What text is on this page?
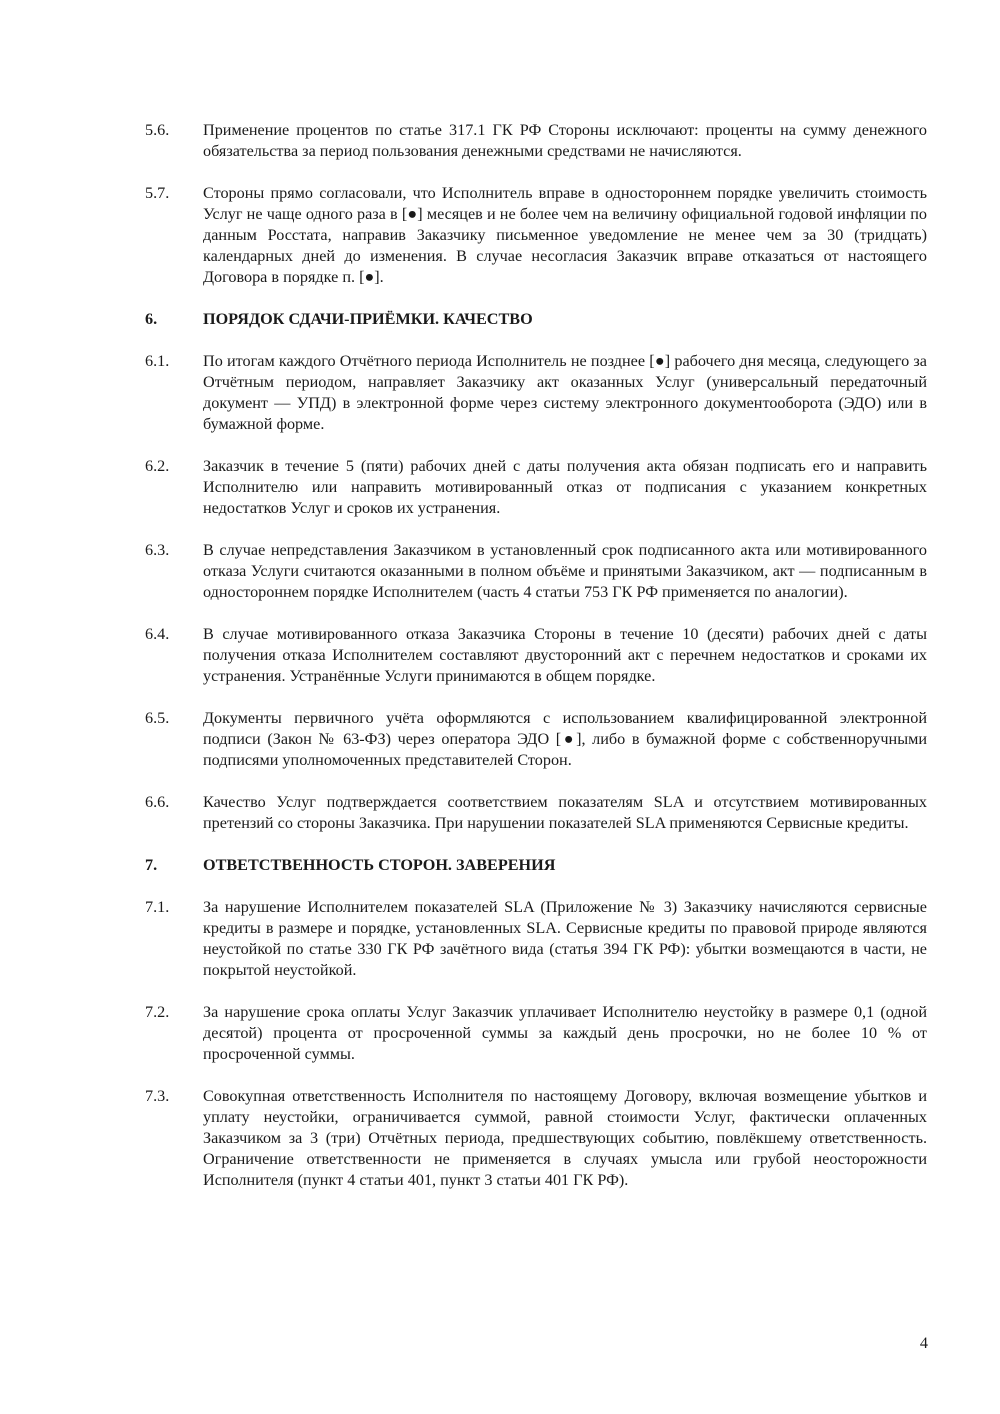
5.6.	Применение процентов по статье 317.1 ГК РФ Стороны исключают: проценты на сумму денежного обязательства за период пользования денежными средствами не начисляются.
5.7.	Стороны прямо согласовали, что Исполнитель вправе в одностороннем порядке увеличить стоимость Услуг не чаще одного раза в [●] месяцев и не более чем на величину официальной годовой инфляции по данным Росстата, направив Заказчику письменное уведомление не менее чем за 30 (тридцать) календарных дней до изменения. В случае несогласия Заказчик вправе отказаться от настоящего Договора в порядке п. [●].
6.	ПОРЯДОК СДАЧИ-ПРИЁМКИ. КАЧЕСТВО
6.1.	По итогам каждого Отчётного периода Исполнитель не позднее [●] рабочего дня месяца, следующего за Отчётным периодом, направляет Заказчику акт оказанных Услуг (универсальный передаточный документ — УПД) в электронной форме через систему электронного документооборота (ЭДО) или в бумажной форме.
6.2.	Заказчик в течение 5 (пяти) рабочих дней с даты получения акта обязан подписать его и направить Исполнителю или направить мотивированный отказ от подписания с указанием конкретных недостатков Услуг и сроков их устранения.
6.3.	В случае непредставления Заказчиком в установленный срок подписанного акта или мотивированного отказа Услуги считаются оказанными в полном объёме и принятыми Заказчиком, акт — подписанным в одностороннем порядке Исполнителем (часть 4 статьи 753 ГК РФ применяется по аналогии).
6.4.	В случае мотивированного отказа Заказчика Стороны в течение 10 (десяти) рабочих дней с даты получения отказа Исполнителем составляют двусторонний акт с перечнем недостатков и сроками их устранения. Устранённые Услуги принимаются в общем порядке.
6.5.	Документы первичного учёта оформляются с использованием квалифицированной электронной подписи (Закон № 63-ФЗ) через оператора ЭДО [●], либо в бумажной форме с собственноручными подписями уполномоченных представителей Сторон.
6.6.	Качество Услуг подтверждается соответствием показателям SLA и отсутствием мотивированных претензий со стороны Заказчика. При нарушении показателей SLA применяются Сервисные кредиты.
7.	ОТВЕТСТВЕННОСТЬ СТОРОН. ЗАВЕРЕНИЯ
7.1.	За нарушение Исполнителем показателей SLA (Приложение № 3) Заказчику начисляются сервисные кредиты в размере и порядке, установленных SLA. Сервисные кредиты по правовой природе являются неустойкой по статье 330 ГК РФ зачётного вида (статья 394 ГК РФ): убытки возмещаются в части, не покрытой неустойкой.
7.2.	За нарушение срока оплаты Услуг Заказчик уплачивает Исполнителю неустойку в размере 0,1 (одной десятой) процента от просроченной суммы за каждый день просрочки, но не более 10 % от просроченной суммы.
7.3.	Совокупная ответственность Исполнителя по настоящему Договору, включая возмещение убытков и уплату неустойки, ограничивается суммой, равной стоимости Услуг, фактически оплаченных Заказчиком за 3 (три) Отчётных периода, предшествующих событию, повлёкшему ответственность. Ограничение ответственности не применяется в случаях умысла или грубой неосторожности Исполнителя (пункт 4 статьи 401, пункт 3 статьи 401 ГК РФ).
4
